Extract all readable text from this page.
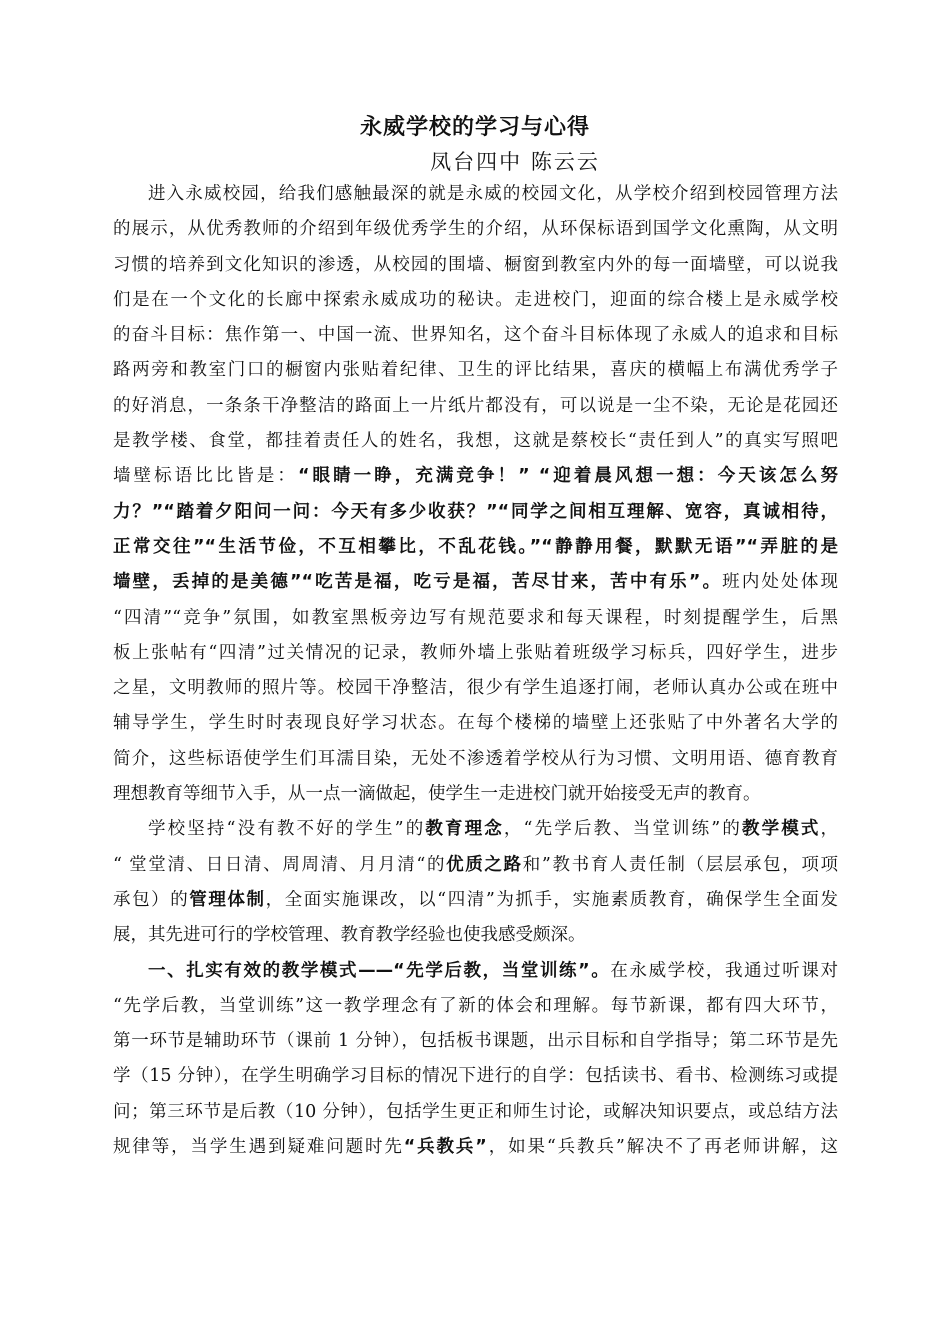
永威学校的学习与心得
凤台四中 陈云云
进入永威校园，给我们感触最深的就是永威的校园文化，从学校介绍到校园管理方法
的展示，从优秀教师的介绍到年级优秀学生的介绍，从环保标语到国学文化熏陶，从文明
习惯的培养到文化知识的渗透，从校园的围墙、橱窗到教室内外的每一面墙壁，可以说我
们是在一个文化的长廊中探索永威成功的秘诀。走进校门，迎面的综合楼上是永威学校
的奋斗目标：焦作第一、中国一流、世界知名，这个奋斗目标体现了永威人的追求和目标
路两旁和教室门口的橱窗内张贴着纪律、卫生的评比结果，喜庆的横幅上布满优秀学子
的好消息，一条条干净整洁的路面上一片纸片都没有，可以说是一尘不染，无论是花园还
是教学楼、食堂，都挂着责任人的姓名，我想，这就是蔡校长“责任到人”的真实写照吧
墙壁标语比比皆是：“眼睛一睁，充满竞争！” “迎着晨风想一想：今天该怎么努
力？”“踏着夕阳问一问：今天有多少收获？”“同学之间相互理解、宽容，真诚相待，
正常交往”“生活节俭，不互相攀比，不乱花钱。”“静静用餐，默默无语”“弄脏的是
墙壁，丢掉的是美德”“吃苦是福，吃亏是福，苦尽甘来，苦中有乐”。班内处处体现
“四清”“竞争”氛围，如教室黑板旁边写有规范要求和每天课程，时刻提醒学生，后黑
板上张帖有“四清”过关情况的记录，教师外墙上张贴着班级学习标兵，四好学生，进步
之星，文明教师的照片等。校园干净整洁，很少有学生追逐打闹，老师认真办公或在班中
辅导学生，学生时时表现良好学习状态。在每个楼梯的墙壁上还张贴了中外著名大学的
简介，这些标语使学生们耳濡目染，无处不渗透着学校从行为习惯、文明用语、德育教育
理想教育等细节入手，从一点一滴做起，使学生一走进校门就开始接受无声的教育。
学校坚持“没有教不好的学生”的教育理念，“先学后教、当堂训练”的教学模式，
“ 堂堂清、日日清、周周清、月月清“的优质之路和”教书育人责任制（层层承包，项项
承包）的管理体制，全面实施课改，以“四清”为抓手，实施素质教育，确保学生全面发
展，其先进可行的学校管理、教育教学经验也使我感受颇深。
一、扎实有效的教学模式——“先学后教，当堂训练”。在永威学校，我通过听课对
“先学后教，当堂训练”这一教学理念有了新的体会和理解。每节新课，都有四大环节，
第一环节是辅助环节（课前 1 分钟），包括板书课题，出示目标和自学指导；第二环节是先
学（15 分钟），在学生明确学习目标的情况下进行的自学：包括读书、看书、检测练习或提
问；第三环节是后教（10 分钟），包括学生更正和师生讨论，或解决知识要点，或总结方法
规律等，当学生遇到疑难问题时先“兵教兵”，如果“兵教兵”解决不了再老师讲解，这
